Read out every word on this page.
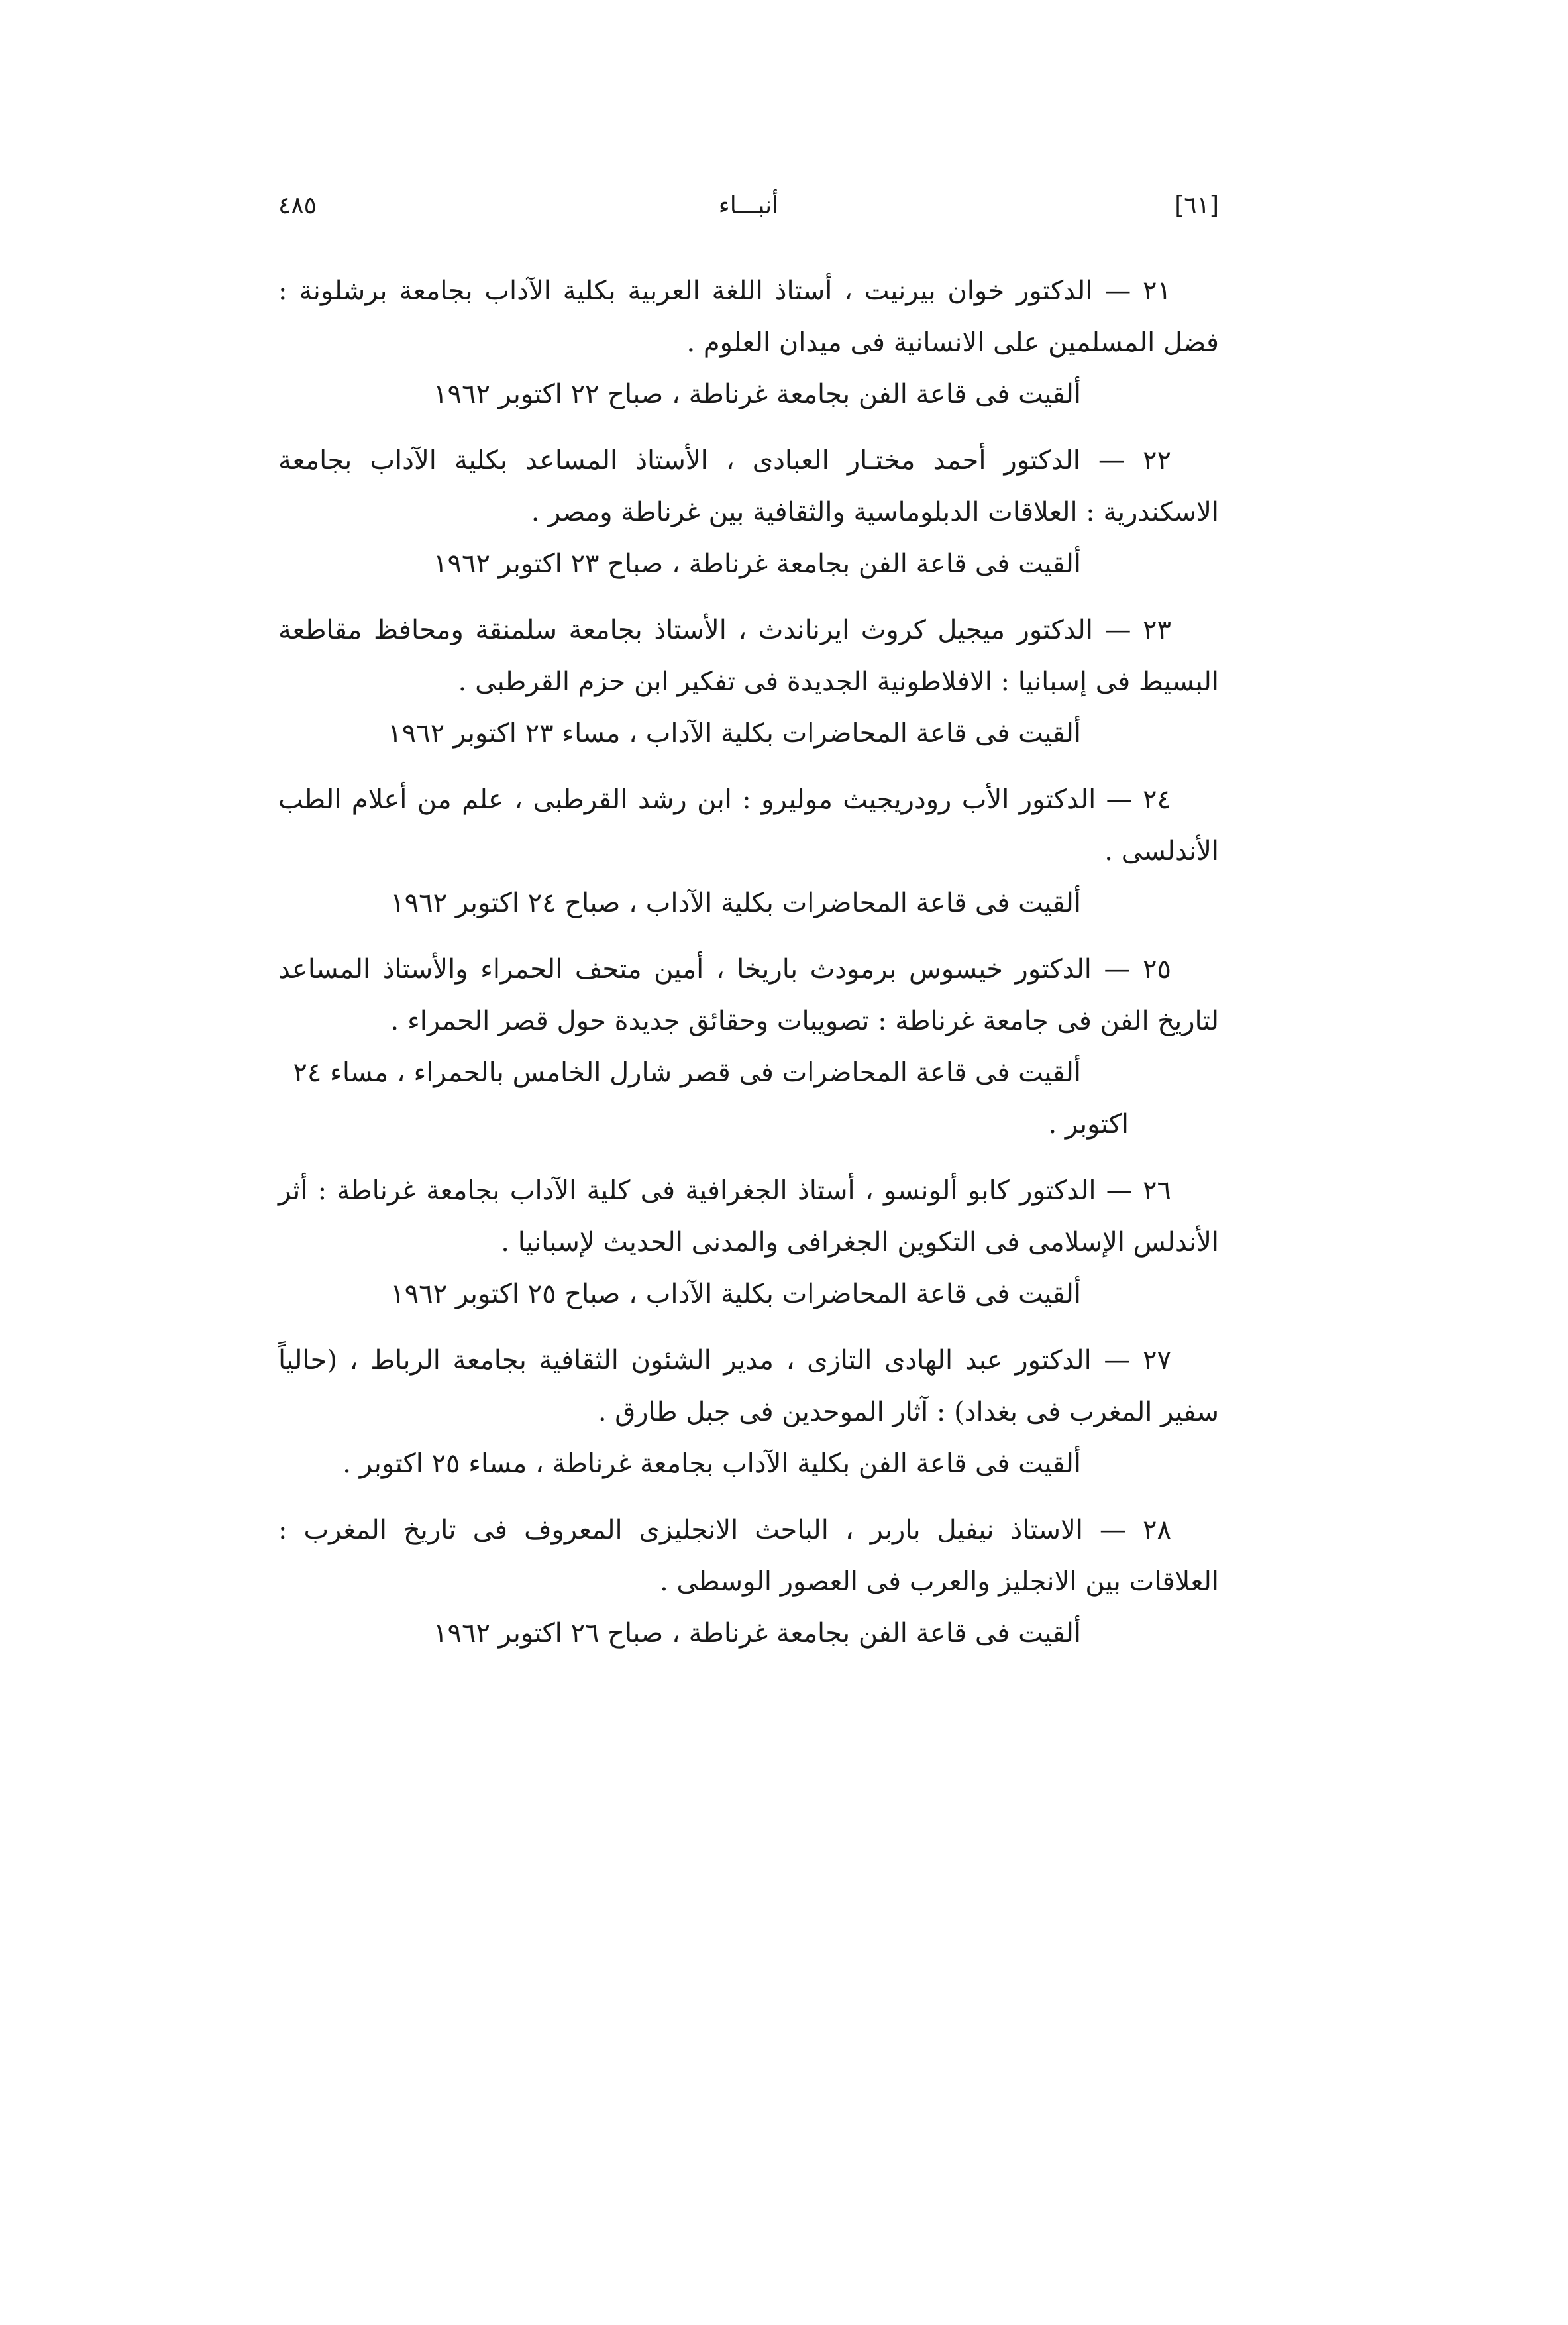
[٦١]
أنبـــاء
٤٨٥

٢١ — الدكتور خوان بيرنيت ، أستاذ اللغة العربية بكلية الآداب بجامعة برشلونة : فضل المسلمين على الانسانية فى ميدان العلوم .

ألقيت فى قاعة الفن بجامعة غرناطة ، صباح ٢٢ اكتوبر ١٩٦٢

٢٢ — الدكتور أحمد مختـار العبادى ، الأستاذ المساعد بكلية الآداب بجامعة الاسكندرية : العلاقات الدبلوماسية والثقافية بين غرناطة ومصر .

ألقيت فى قاعة الفن بجامعة غرناطة ، صباح ٢٣ اكتوبر ١٩٦٢

٢٣ — الدكتور ميجيل كروث ايرناندث ، الأستاذ بجامعة سلمنقة ومحافظ مقاطعة البسيط فى إسبانيا : الافلاطونية الجديدة فى تفكير ابن حزم القرطبى .

ألقيت فى قاعة المحاضرات بكلية الآداب ، مساء ٢٣ اكتوبر ١٩٦٢

٢٤ — الدكتور الأب رودريجيث موليرو : ابن رشد القرطبى ، علم من أعلام الطب الأندلسى .

ألقيت فى قاعة المحاضرات بكلية الآداب ، صباح ٢٤ اكتوبر ١٩٦٢

٢٥ — الدكتور خيسوس برمودث باريخا ، أمين متحف الحمراء والأستاذ المساعد لتاريخ الفن فى جامعة غرناطة : تصويبات وحقائق جديدة حول قصر الحمراء .

ألقيت فى قاعة المحاضرات فى قصر شارل الخامس بالحمراء ، مساء ٢٤ اكتوبر .

٢٦ — الدكتور كابو ألونسو ، أستاذ الجغرافية فى كلية الآداب بجامعة غرناطة : أثر الأندلس الإسلامى فى التكوين الجغرافى والمدنى الحديث لإسبانيا .

ألقيت فى قاعة المحاضرات بكلية الآداب ، صباح ٢٥ اكتوبر ١٩٦٢

٢٧ — الدكتور عبد الهادى التازى ، مدير الشئون الثقافية بجامعة الرباط ، (حالياً سفير المغرب فى بغداد) : آثار الموحدين فى جبل طارق .

ألقيت فى قاعة الفن بكلية الآداب بجامعة غرناطة ، مساء ٢٥ اكتوبر .

٢٨ — الاستاذ نيفيل باربر ، الباحث الانجليزى المعروف فى تاريخ المغرب : العلاقات بين الانجليز والعرب فى العصور الوسطى .

ألقيت فى قاعة الفن بجامعة غرناطة ، صباح ٢٦ اكتوبر ١٩٦٢
